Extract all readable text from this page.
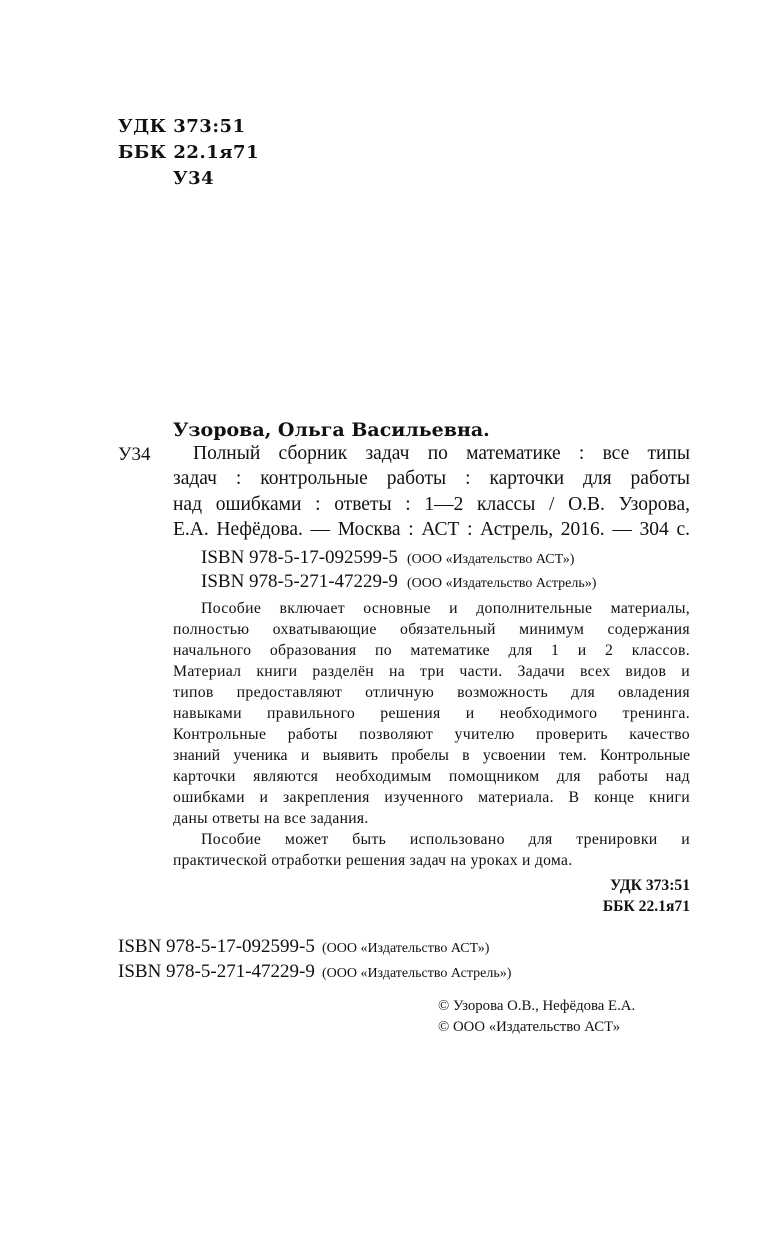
УДК 373:51
ББК 22.1я71
У34
Узорова, Ольга Васильевна.
У34 Полный сборник задач по математике : все типы
задач : контрольные работы : карточки для работы
над ошибками : ответы : 1—2 классы / О.В. Узорова,
Е.А. Нефёдова. — Москва : АСТ : Астрель, 2016. — 304 с.
ISBN 978-5-17-092599-5 (ООО «Издательство АСТ»)
ISBN 978-5-271-47229-9 (ООО «Издательство Астрель»)
Пособие включает основные и дополнительные материалы,
полностью охватывающие обязательный минимум содержания
начального образования по математике для 1 и 2 классов.
Материал книги разделён на три части. Задачи всех видов и
типов предоставляют отличную возможность для овладения
навыками правильного решения и необходимого тренинга.
Контрольные работы позволяют учителю проверить качество
знаний ученика и выявить пробелы в усвоении тем. Контрольные
карточки являются необходимым помощником для работы над
ошибками и закрепления изученного материала. В конце книги
даны ответы на все задания.
Пособие может быть использовано для тренировки и
практической отработки решения задач на уроках и дома.
УДК 373:51
ББК 22.1я71
ISBN 978-5-17-092599-5 (ООО «Издательство АСТ»)
ISBN 978-5-271-47229-9 (ООО «Издательство Астрель»)
© Узорова О.В., Нефёдова Е.А.
© ООО «Издательство АСТ»
